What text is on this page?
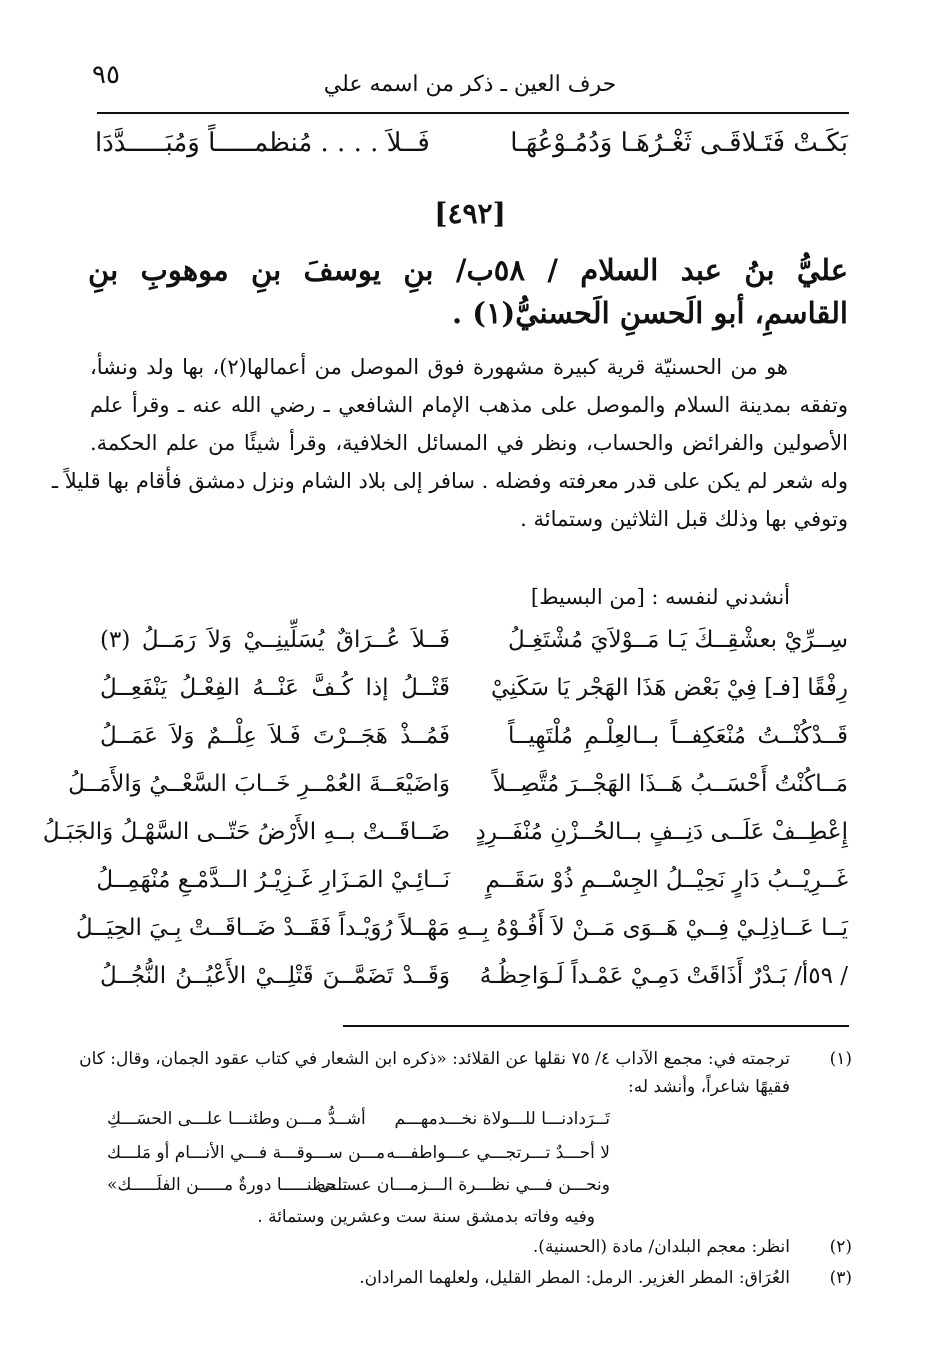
٩٥	حرف العين ـ ذكر من اسمه علي
بَكَـتْ فَتَـلاقَـى ثَغْـرُهَـا وَدُمُـوْعُهَـا
فَــلاَ . . . . مُنظمـــــاً وَمُبَـــــدَّدَا
[٤٩٢]
عليُّ بنُ عبد السلام / ٥٨ب/ بنِ يوسفَ بنِ موهوبِ بنِ
القاسمِ، أبو الَحسنِ الَحسنيُّ(١) .

هو من الحسنيّة قرية كبيرة مشهورة فوق الموصل من أعمالها(٢)، بها ولد ونشأ،

وتفقه بمدينة السلام والموصل على مذهب الإمام الشافعي ـ رضي الله عنه ـ وقرأ علم

الأصولين والفرائض والحساب، ونظر في المسائل الخلافية، وقرأ شيئًا من علم الحكمة.

وله شعر لم يكن على قدر معرفته وفضله . سافر إلى بلاد الشام ونزل دمشق فأقام بها قليلاً ـ

وتوفي بها وذلك قبل الثلاثين وستمائة .

أنشدني لنفسه : [من البسيط]
سِــرِّيْ بعشْقِــكَ يَـا مَــوْلاَيَ مُشْتَغِـلُ
فَــلاَ عُــرَاقٌ يُسَلِّينِــيْ وَلاَ رَمَــلُ (٣)
رِفْقًا [فـ] فِيْ بَعْض هَذَا الهَجْر يَا سَكَنِيْ
قَتْــلُ إذا كُـفَّ عَنْــهُ الفِعْـلُ يَنْفَعِــلُ
قَــدْكُنْــتُ مُنْعَكِفــاً بــالعِلْـمِ مُلْتَهِيــاً
فَمُــذْ هَجَــرْتَ فَـلاَ عِلْــمٌ وَلاَ عَمَــلُ
مَــاكُنْتُ أَحْسَــبُ هَــذَا الهَجْــرَ مُتَّصِــلاً
وَاضَيْعَــةَ العُمْــرِ خَــابَ السَّعْــيُ وَالأَمَــلُ
إِعْطِــفْ عَلَــى دَنِــفٍ بــالحُــزْنِ مُنْفَــرِدٍ
ضَــاقَــتْ بــهِ الأَرْضُ حَتّــى السَّهْـلُ وَالجَبَـلُ
غَــرِيْــبُ دَارٍ نَحِيْــلُ الجِسْــمِ ذُوْ سَقَــمٍ
نَــائِـيْ المَـزَارِ غَـزِيْـرُ الــدَّمْـعِ مُنْهَمِــلُ
يَــا عَــاذِلِـيْ فِــيْ هَــوَى مَــنْ لاَ أَفُـوْهُ بِــهِ
مَهْــلاً رُوَيْـداً فَقَــدْ ضَــاقَــتْ بِـيَ الحِيَــلُ
/ ٥٩أ/ بَـدْرٌ أَذَاقَتْ دَمِـيْ عَمْـداً لَـوَاحِظُـهُ
وَقَــدْ تَضَمَّــنَ قَتْلِــيْ الأَعْيُــنُ النُّجُــلُ
(١)
ترجمته في: مجمع الآداب ٤/ ٧٥ نقلها عن القلائد: «ذكره ابن الشعار في كتاب عقود الجمان، وقال: كان
فقيهًا شاعراً، وأنشد له:
تَــرَدادنـــا للـــولاة نخـــدمهـــم
أشــدُّ مـــن وطئنـــا علـــى الحسَـــكِ
لا أحـــدٌ تـــرتجـــي عـــواطفـــه
مـــن ســـوقـــة فـــي الأنـــام أو مَلـــك
ونحـــن فـــي نظـــرة الـــزمـــان عســـى
تلحظنـــــا دورةٌ مـــــن الفلَـــــك»
وفيه وفاته بدمشق سنة ست وعشرين وستمائة .
(٢)
انظر: معجم البلدان/ مادة (الحسنية).
(٣)
العُرَاق: المطر الغزير. الرمل: المطر القليل، ولعلهما المرادان.
